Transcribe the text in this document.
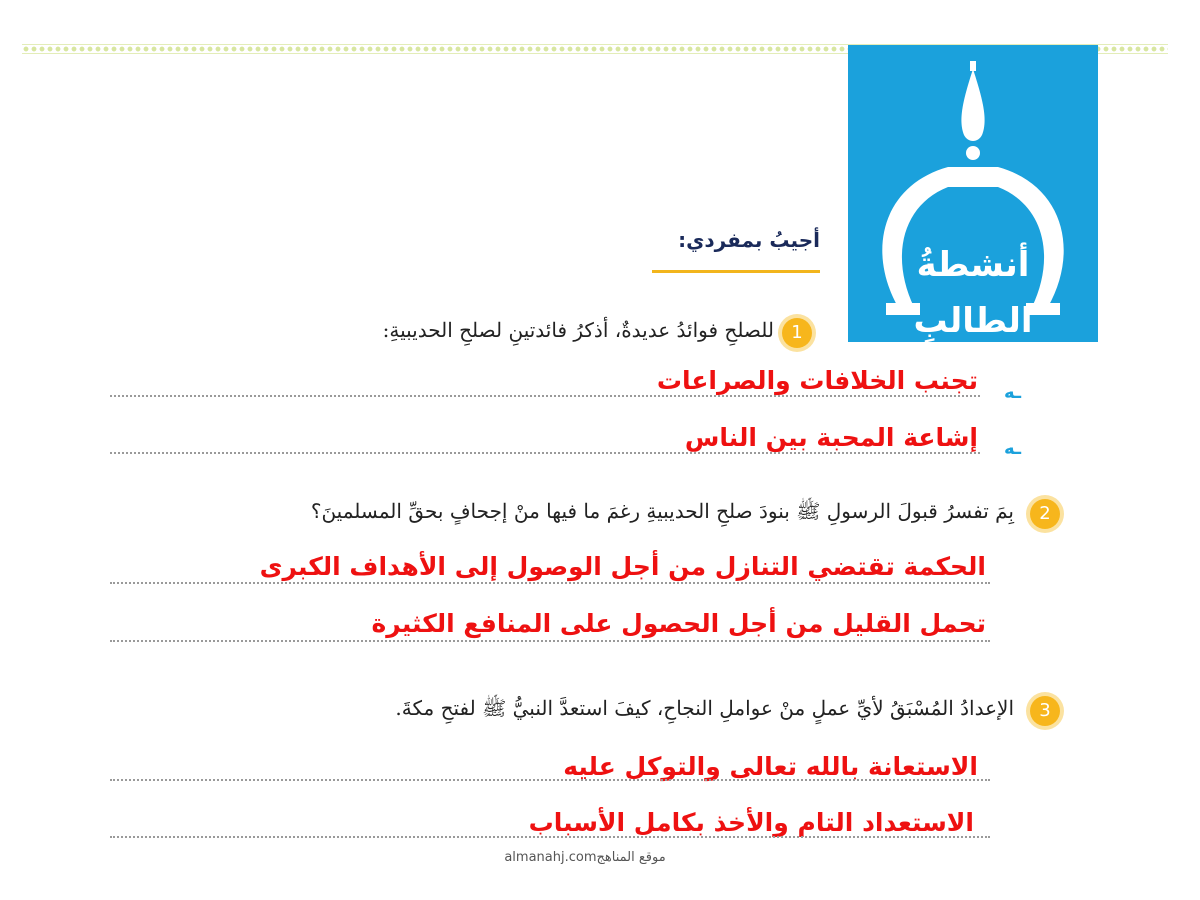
أنشطةُ
الطالبِ
أجيبُ بمفردي:
1
للصلحِ فوائدُ عديدةٌ، أذكرُ فائدتينِ لصلحِ الحديبيةِ:
ـه
تجنب الخلافات والصراعات
ـه
إشاعة المحبة بين الناس
2
بِمَ تفسرُ قبولَ الرسولِ ﷺ بنودَ صلحِ الحديبيةِ رغمَ ما فيها منْ إجحافٍ بحقِّ المسلمينَ؟
الحكمة تقتضي التنازل من أجل الوصول إلى الأهداف الكبرى
تحمل القليل من أجل الحصول على المنافع الكثيرة
3
الإعدادُ المُسْبَقُ لأيِّ عملٍ منْ عواملِ النجاحِ، كيفَ استعدَّ النبيُّ ﷺ لفتحِ مكةَ.
الاستعانة بالله تعالى والتوكل عليه
الاستعداد التام والأخذ بكامل الأسباب
almanahj.comموقع المناهج
